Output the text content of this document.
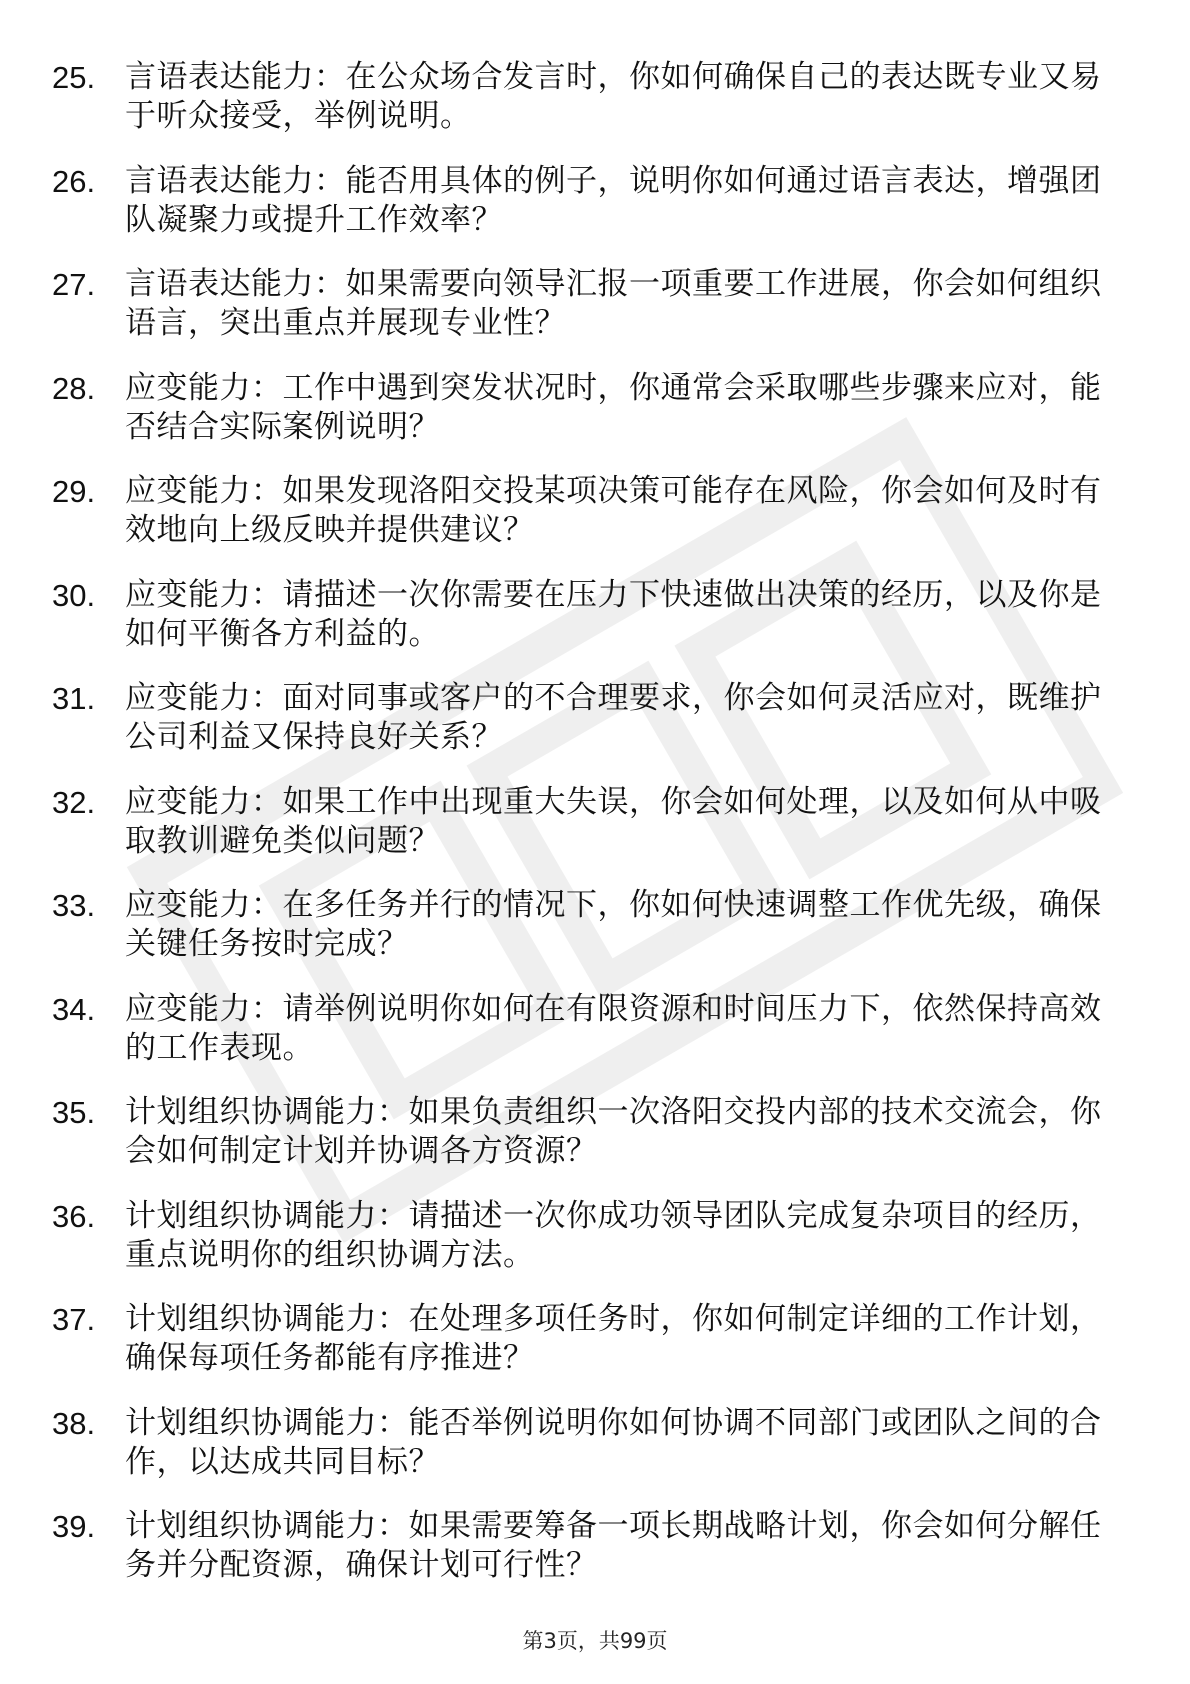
25. 言语表达能力：在公众场合发言时，你如何确保自己的表达既专业又易于听众接受，举例说明。
26. 言语表达能力：能否用具体的例子，说明你如何通过语言表达，增强团队凝聚力或提升工作效率？
27. 言语表达能力：如果需要向领导汇报一项重要工作进展，你会如何组织语言，突出重点并展现专业性？
28. 应变能力：工作中遇到突发状况时，你通常会采取哪些步骤来应对，能否结合实际案例说明？
29. 应变能力：如果发现洛阳交投某项决策可能存在风险，你会如何及时有效地向上级反映并提供建议？
30. 应变能力：请描述一次你需要在压力下快速做出决策的经历，以及你是如何平衡各方利益的。
31. 应变能力：面对同事或客户的不合理要求，你会如何灵活应对，既维护公司利益又保持良好关系？
32. 应变能力：如果工作中出现重大失误，你会如何处理，以及如何从中吸取教训避免类似问题？
33. 应变能力：在多任务并行的情况下，你如何快速调整工作优先级，确保关键任务按时完成？
34. 应变能力：请举例说明你如何在有限资源和时间压力下，依然保持高效的工作表现。
35. 计划组织协调能力：如果负责组织一次洛阳交投内部的技术交流会，你会如何制定计划并协调各方资源？
36. 计划组织协调能力：请描述一次你成功领导团队完成复杂项目的经历，重点说明你的组织协调方法。
37. 计划组织协调能力：在处理多项任务时，你如何制定详细的工作计划，确保每项任务都能有序推进？
38. 计划组织协调能力：能否举例说明你如何协调不同部门或团队之间的合作，以达成共同目标？
39. 计划组织协调能力：如果需要筹备一项长期战略计划，你会如何分解任务并分配资源，确保计划可行性？
第3页，共99页
